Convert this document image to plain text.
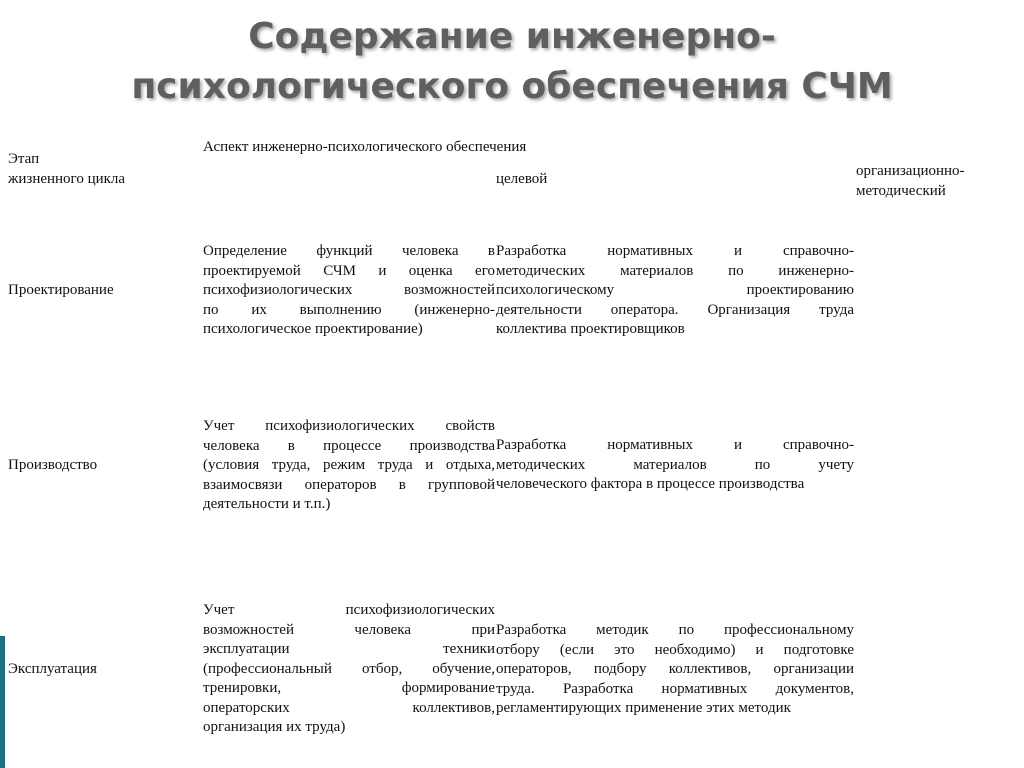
Содержание инженерно-
психологического обеспечения СЧМ
Этап
жизненного цикла
Аспект инженерно-психологического обеспечения
целевой	организационно-
методический
Проектирование

Определение функций человека в

проектируемой СЧМ и оценка его

психофизиологических возможностей

по их выполнению (инженерно-

психологическое проектирование)

Разработка нормативных и справочно-

методических материалов по инженерно-

психологическому проектированию

деятельности оператора. Организация труда

коллектива проектировщиков

Производство

Учет психофизиологических свойств

человека в процессе производства

(условия труда, режим труда и отдыха,

взаимосвязи операторов в групповой

деятельности и т.п.)

Разработка нормативных и справочно-

методических материалов по учету

человеческого фактора в процессе производства

Эксплуатация

Учет психофизиологических

возможностей человека при

эксплуатации техники

(профессиональный отбор, обучение,

тренировки, формирование

операторских коллективов,

организация их труда)

Разработка методик по профессиональному

отбору (если это необходимо) и подготовке

операторов, подбору коллективов, организации

труда. Разработка нормативных документов,

регламентирующих применение этих методик
